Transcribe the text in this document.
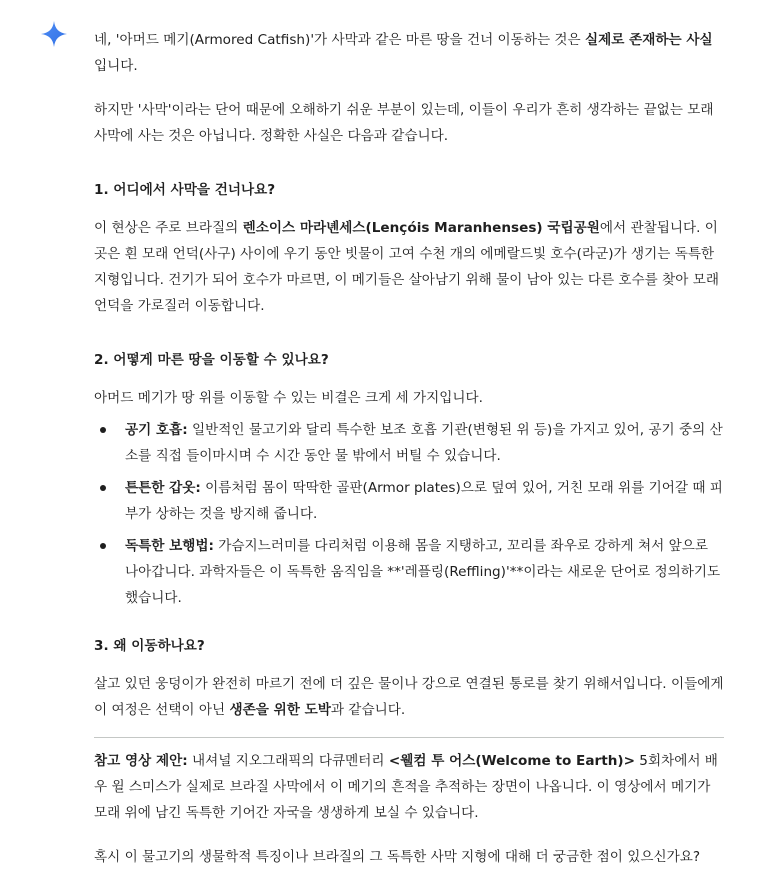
네, '아머드 메기(Armored Catfish)'가 사막과 같은 마른 땅을 건너 이동하는 것은 실제로 존재하는 사실입니다.

하지만 '사막'이라는 단어 때문에 오해하기 쉬운 부분이 있는데, 이들이 우리가 흔히 생각하는 끝없는 모래 사막에 사는 것은 아닙니다. 정확한 사실은 다음과 같습니다.

1. 어디에서 사막을 건너나요?

이 현상은 주로 브라질의 렌소이스 마라녠세스(Lençóis Maranhenses) 국립공원에서 관찰됩니다. 이곳은 흰 모래 언덕(사구) 사이에 우기 동안 빗물이 고여 수천 개의 에메랄드빛 호수(라군)가 생기는 독특한 지형입니다. 건기가 되어 호수가 마르면, 이 메기들은 살아남기 위해 물이 남아 있는 다른 호수를 찾아 모래 언덕을 가로질러 이동합니다.

2. 어떻게 마른 땅을 이동할 수 있나요?

아머드 메기가 땅 위를 이동할 수 있는 비결은 크게 세 가지입니다.

공기 호흡: 일반적인 물고기와 달리 특수한 보조 호흡 기관(변형된 위 등)을 가지고 있어, 공기 중의 산소를 직접 들이마시며 수 시간 동안 물 밖에서 버틸 수 있습니다.
튼튼한 갑옷: 이름처럼 몸이 딱딱한 골판(Armor plates)으로 덮여 있어, 거친 모래 위를 기어갈 때 피부가 상하는 것을 방지해 줍니다.
독특한 보행법: 가슴지느러미를 다리처럼 이용해 몸을 지탱하고, 꼬리를 좌우로 강하게 쳐서 앞으로 나아갑니다. 과학자들은 이 독특한 움직임을 **'레플링(Reffling)'**이라는 새로운 단어로 정의하기도 했습니다.
3. 왜 이동하나요?

살고 있던 웅덩이가 완전히 마르기 전에 더 깊은 물이나 강으로 연결된 통로를 찾기 위해서입니다. 이들에게 이 여정은 선택이 아닌 생존을 위한 도박과 같습니다.

참고 영상 제안: 내셔널 지오그래픽의 다큐멘터리 <웰컴 투 어스(Welcome to Earth)> 5회차에서 배우 윌 스미스가 실제로 브라질 사막에서 이 메기의 흔적을 추적하는 장면이 나옵니다. 이 영상에서 메기가 모래 위에 남긴 독특한 기어간 자국을 생생하게 보실 수 있습니다.

혹시 이 물고기의 생물학적 특징이나 브라질의 그 독특한 사막 지형에 대해 더 궁금한 점이 있으신가요?
